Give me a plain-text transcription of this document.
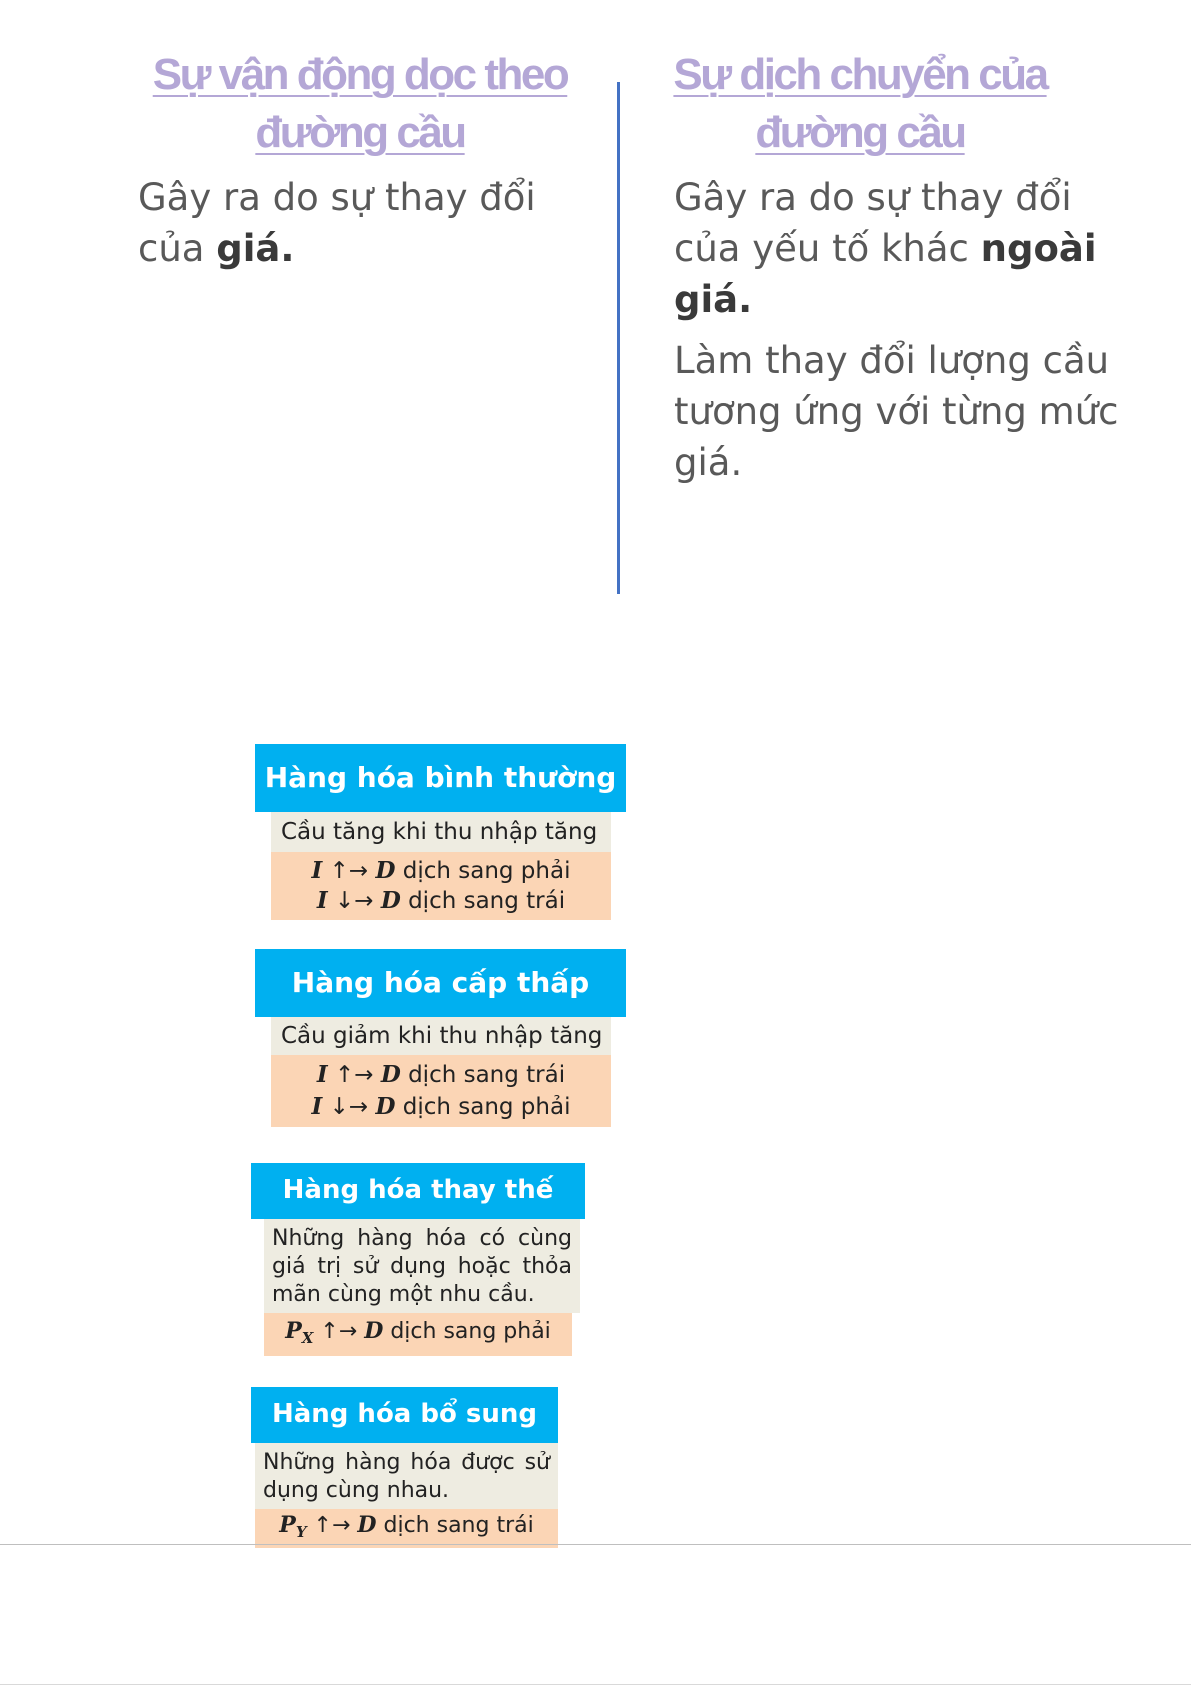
Sự vận động dọc theo đường cầu

Gây ra do sự thay đổi của giá.

Sự dịch chuyển của đường cầu

Gây ra do sự thay đổi của yếu tố khác ngoài giá.

Làm thay đổi lượng cầu tương ứng với từng mức giá.

Hàng hóa bình thường
Cầu tăng khi thu nhập tăng
I ↑→ D dịch sang phải
I ↓→ D dịch sang trái
Hàng hóa cấp thấp
Cầu giảm khi thu nhập tăng
I ↑→ D dịch sang trái
I ↓→ D dịch sang phải
Hàng hóa thay thế
Những hàng hóa có cùng giá trị sử dụng hoặc thỏa mãn cùng một nhu cầu.
$P_X$ ↑→ D dịch sang phải
Hàng hóa bổ sung
Những hàng hóa được sử dụng cùng nhau.
$P_Y$ ↑→ D dịch sang trái
